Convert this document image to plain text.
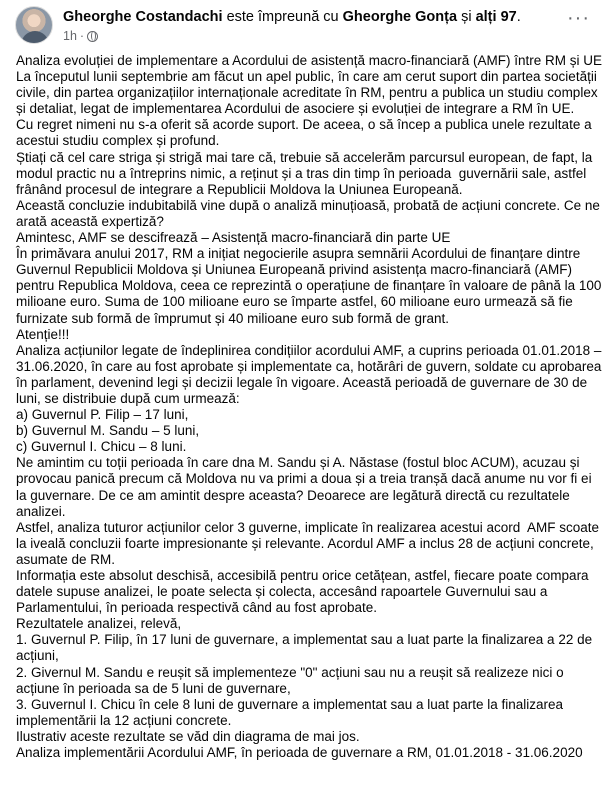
Gheorghe Costandachi este împreună cu Gheorghe Gonța și alți 97.
1h ·
···

Analiza evoluției de implementare a Acordului de asistență macro-financiară (AMF) între RM și UE

La începutul lunii septembrie am făcut un apel public, în care am cerut suport din partea societății civile, din partea organizațiilor internaționale acreditate în RM, pentru a publica un studiu complex și detaliat, legat de implementarea Acordului de asociere și evoluției de integrare a RM în UE.

Cu regret nimeni nu s-a oferit să acorde suport. De aceea, o să încep a publica unele rezultate a acestui studiu complex și profund.

Știați că cel care striga și strigă mai tare că, trebuie să accelerăm parcursul european, de fapt, la modul practic nu a întreprins nimic, a reținut și a tras din timp în perioada  guvernării sale, astfel frânând procesul de integrare a Republicii Moldova la Uniunea Europeană.

Această concluzie indubitabilă vine după o analiză minuțioasă, probată de acțiuni concrete. Ce ne arată această expertiză?

Amintesc, AMF se descifrează – Asistență macro-financiară din parte UE

În primăvara anului 2017, RM a inițiat negocierile asupra semnării Acordului de finanțare dintre Guvernul Republicii Moldova și Uniunea Europeană privind asistența macro-financiară (AMF) pentru Republica Moldova, ceea ce reprezintă o operațiune de finanțare în valoare de până la 100 milioane euro. Suma de 100 milioane euro se împarte astfel, 60 milioane euro urmează să fie furnizate sub formă de împrumut și 40 milioane euro sub formă de grant.

Atenție!!!

Analiza acțiunilor legate de îndeplinirea condițiilor acordului AMF, a cuprins perioada 01.01.2018 – 31.06.2020, în care au fost aprobate și implementate ca, hotărâri de guvern, soldate cu aprobarea în parlament, devenind legi și decizii legale în vigoare. Această perioadă de guvernare de 30 de luni, se distribuie după cum urmează:

a) Guvernul P. Filip – 17 luni,

b) Guvernul M. Sandu – 5 luni,

c) Guvernul I. Chicu – 8 luni.

Ne amintim cu toții perioada în care dna M. Sandu și A. Năstase (fostul bloc ACUM), acuzau și provocau panică precum că Moldova nu va primi a doua și a treia tranșă dacă anume nu vor fi ei la guvernare. De ce am amintit despre aceasta? Deoarece are legătură directă cu rezultatele analizei.

Astfel, analiza tuturor acțiunilor celor 3 guverne, implicate în realizarea acestui acord  AMF scoate la iveală concluzii foarte impresionante și relevante. Acordul AMF a inclus 28 de acțiuni concrete, asumate de RM.

Informația este absolut deschisă, accesibilă pentru orice cetățean, astfel, fiecare poate compara datele supuse analizei, le poate selecta și colecta, accesând rapoartele Guvernului sau a Parlamentului, în perioada respectivă când au fost aprobate.

Rezultatele analizei, relevă,

1. Guvernul P. Filip, în 17 luni de guvernare, a implementat sau a luat parte la finalizarea a 22 de acțiuni,

2. Givernul M. Sandu e reușit să implementeze "0" acțiuni sau nu a reușit să realizeze nici o acțiune în perioada sa de 5 luni de guvernare,

3. Guvernul I. Chicu în cele 8 luni de guvernare a implementat sau a luat parte la finalizarea implementării la 12 acțiuni concrete.

Ilustrativ aceste rezultate se văd din diagrama de mai jos.

Analiza implementării Acordului AMF, în perioada de guvernare a RM, 01.01.2018 - 31.06.2020
